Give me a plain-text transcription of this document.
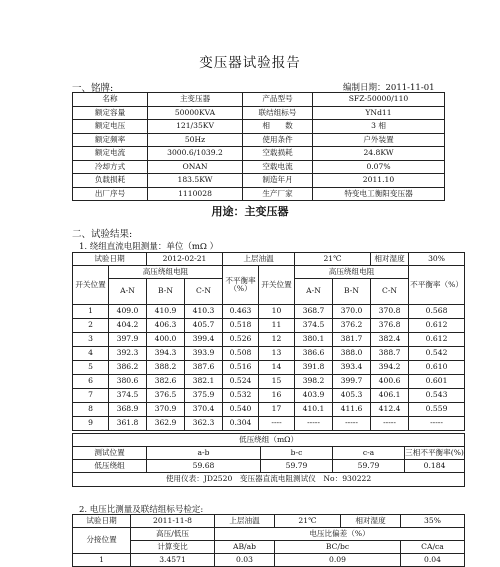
变压器试验报告
一、铭牌:	编制日期：2011-11-01
名称	主变压器	产品型号	SFZ-50000/110
额定容量	50000KVA	联结组标号	YNd11
额定电压	121/35KV	相　　数	3 相
额定频率	50Hz	使用条件	户外装置
额定电流	3000.6/1039.2	空载损耗	24.8KW
冷却方式	ONAN	空载电流	0.07%
负载损耗	183.5KW	制造年月	2011.10
出厂序号	1110028	生产厂家	特变电工衡阳变压器
用途：主变压器
二、试验结果:
1. 绕组直流电阻测量：单位（mΩ ）
试验日期		2012-02-21		上层油温		21℃		相对湿度	30%
开关位置	高压绕组电阻			不平衡率（%）	开关位置	高压绕组电阻			不平衡率（%）
	A-N	B-N	C-N			A-N	B-N	C-N	
1	409.0	410.9	410.3	0.463	10	368.7	370.0	370.8	0.568
2	404.2	406.3	405.7	0.518	11	374.5	376.2	376.8	0.612
3	397.9	400.0	399.4	0.526	12	380.1	381.7	382.4	0.612
4	392.3	394.3	393.9	0.508	13	386.6	388.0	388.7	0.542
5	386.2	388.2	387.6	0.516	14	391.8	393.4	394.2	0.610
6	380.6	382.6	382.1	0.524	15	398.2	399.7	400.6	0.601
7	374.5	376.5	375.9	0.532	16	403.9	405.3	406.1	0.543
8	368.9	370.9	370.4	0.540	17	410.1	411.6	412.4	0.559
9	361.8	362.9	362.3	0.304	----	-----	-----	-----	-----
低压绕组（mΩ）				
测试位置	a-b	b-c	c-a	三相不平衡率(%)
低压绕组	59.68	59.79	59.79	0.184
使用仪表：JD2520　变压器直流电阻测试仪　No：930222				
2. 电压比测量及联结组标号检定:
试验日期	2011-11-8	上层油温	21℃	相对湿度	35%
分接位置	高压/低压	电压比偏差（%）			
	计算变比	AB/ab	BC/bc		CA/ca
1	3.4571	0.03	0.09		0.04
